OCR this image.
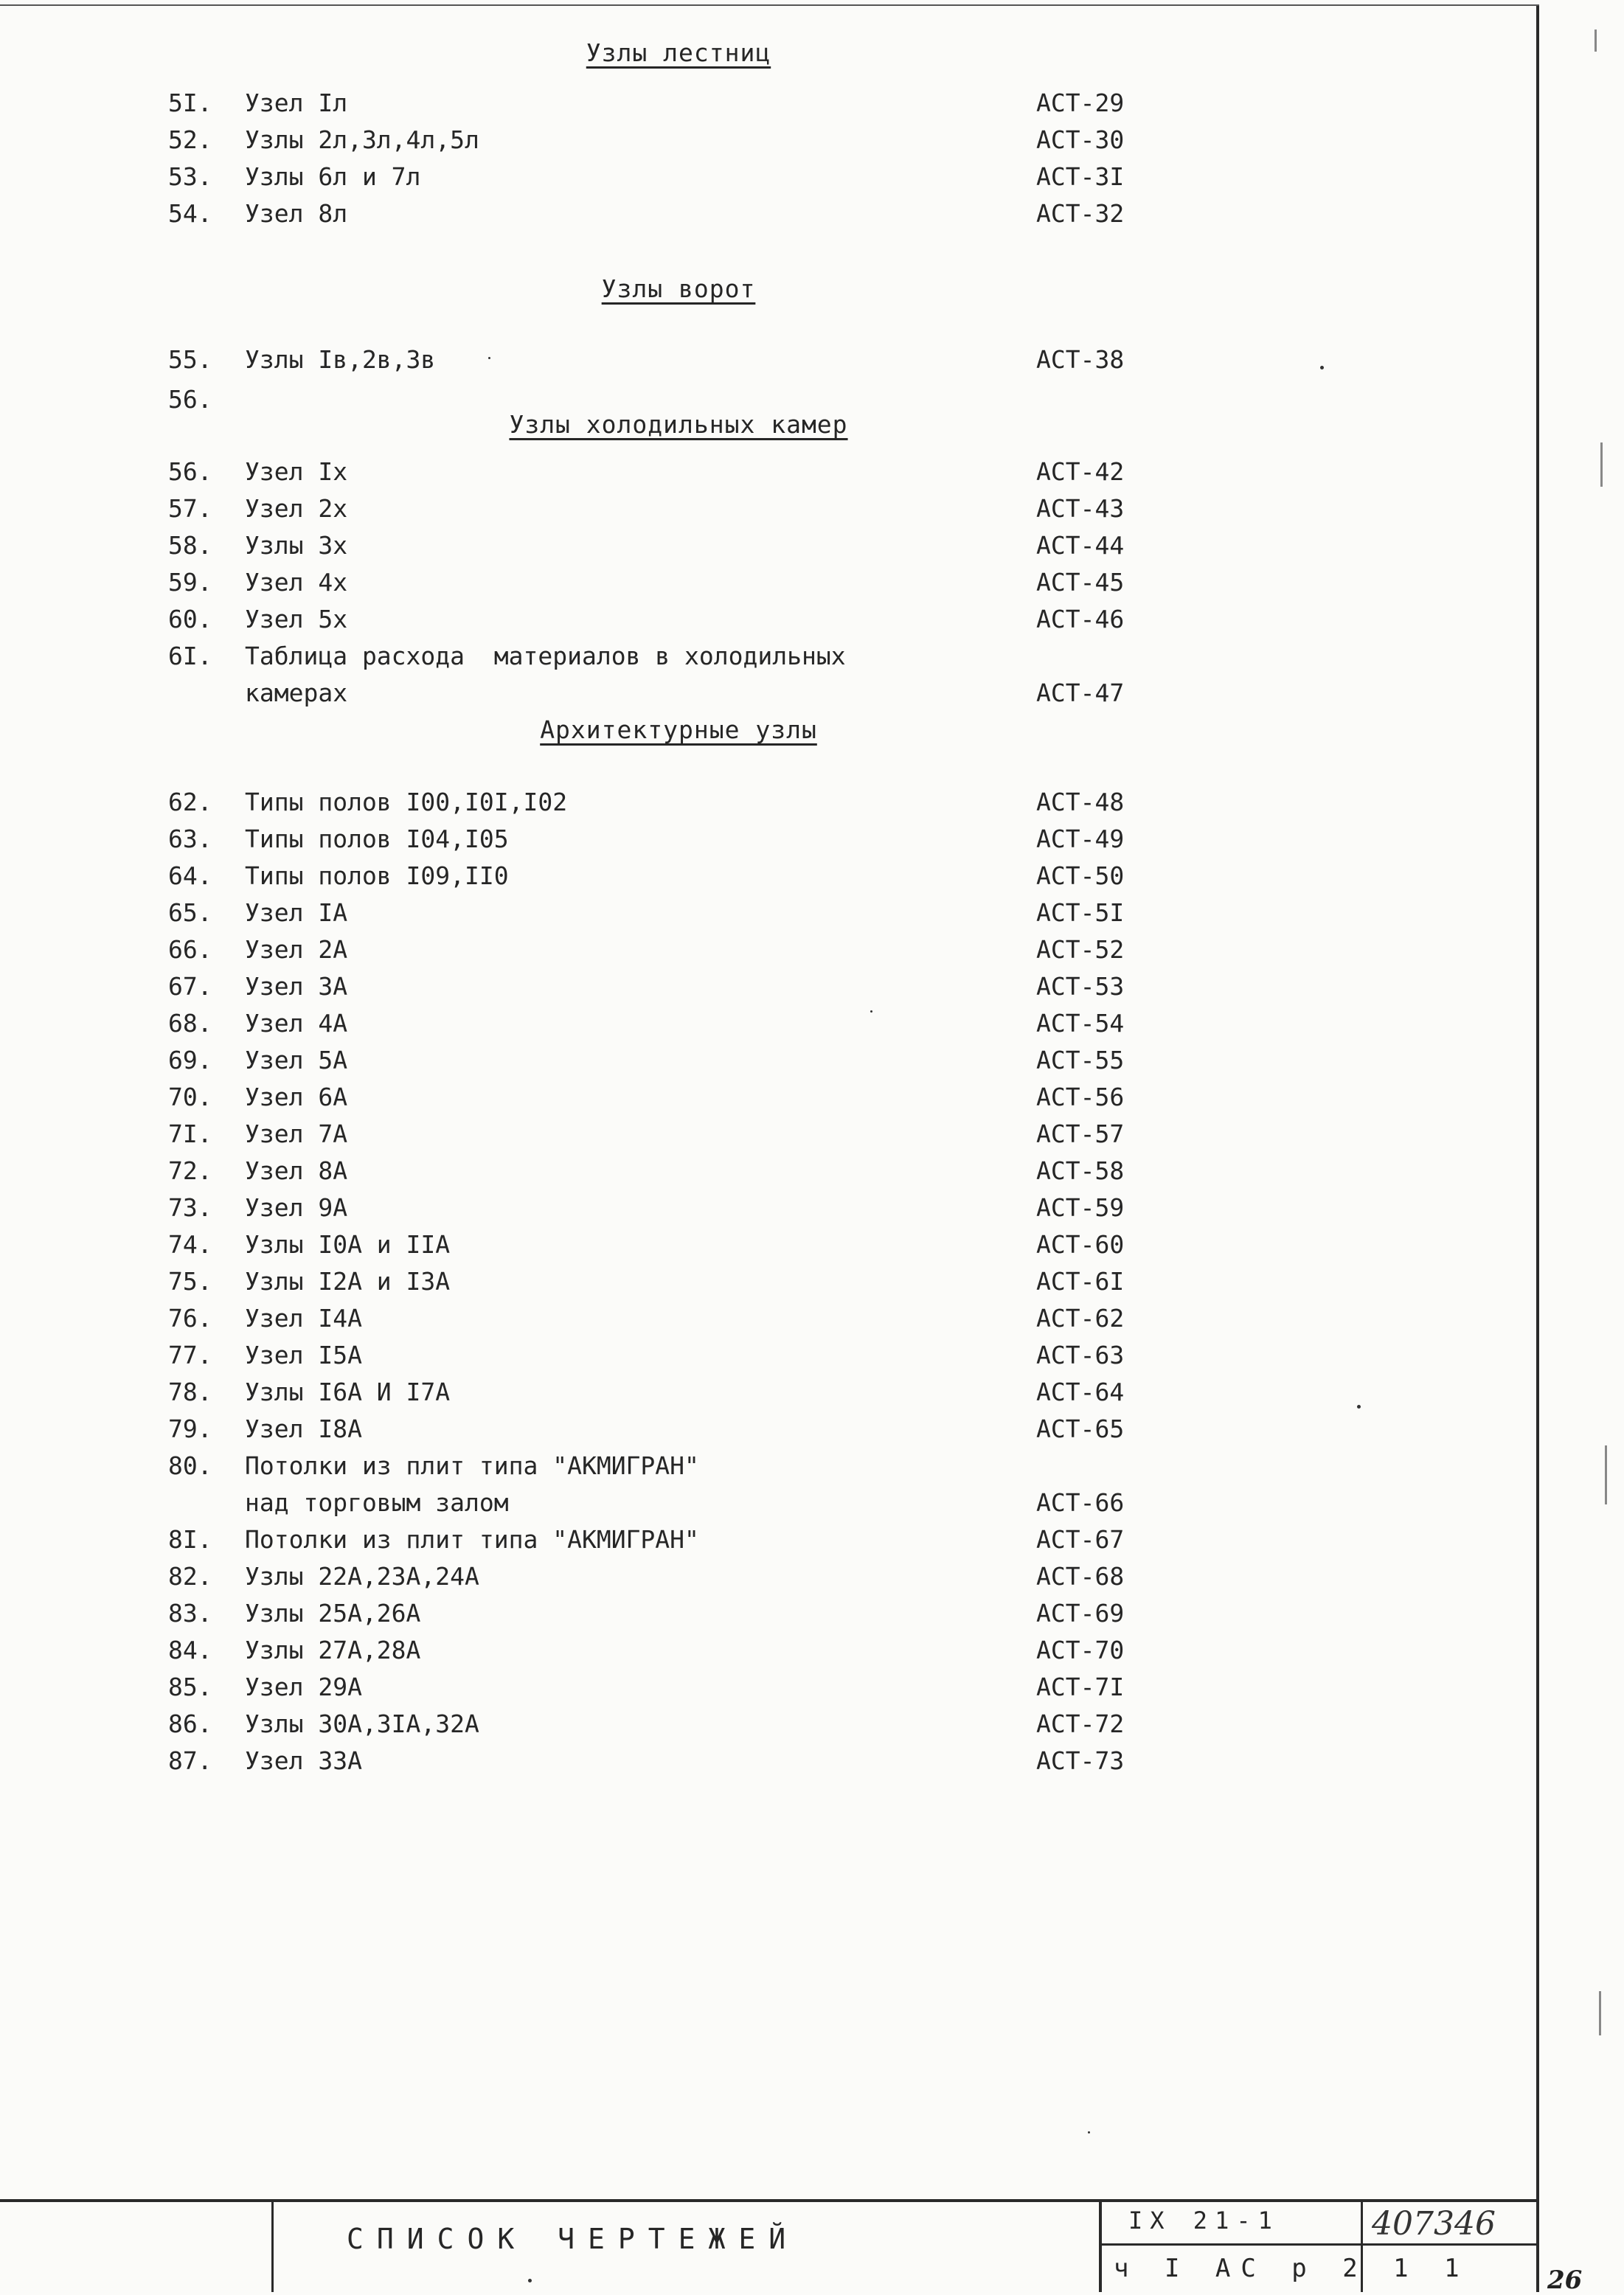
Узлы лестниц
5I. Узел Iл	АСТ-29
52. Узлы 2л,3л,4л,5л	АСТ-30
53. Узлы 6л и 7л	АСТ-3I
54. Узел 8л	АСТ-32
Узлы ворот
55. Узлы Iв,2в,3в	АСТ-38
56.
Узлы холодильных камер
56. Узел Iх	АСТ-42
57. Узел 2х	АСТ-43
58. Узлы 3х	АСТ-44
59. Узел 4х	АСТ-45
60. Узел 5х	АСТ-46
6I. Таблица расхода  материалов в холодильных
камерах	АСТ-47
Архитектурные узлы
62. Типы полов I00,I0I,I02	АСТ-48
63. Типы полов I04,I05	АСТ-49
64. Типы полов I09,II0	АСТ-50
65. Узел IА	АСТ-5I
66. Узел 2А	АСТ-52
67. Узел 3А	АСТ-53
68. Узел 4А	АСТ-54
69. Узел 5А	АСТ-55
70. Узел 6А	АСТ-56
7I. Узел 7А	АСТ-57
72. Узел 8А	АСТ-58
73. Узел 9А	АСТ-59
74. Узлы I0А и IIА	АСТ-60
75. Узлы I2А и I3А	АСТ-6I
76. Узел I4А	АСТ-62
77. Узел I5А	АСТ-63
78. Узлы I6А И I7А	АСТ-64
79. Узел I8А	АСТ-65
80. Потолки из плит типа "АКМИГРАН"
над торговым залом	АСТ-66
8I. Потолки из плит типа "АКМИГРАН"	АСТ-67
82. Узлы 22А,23А,24А	АСТ-68
83. Узлы 25А,26А	АСТ-69
84. Узлы 27А,28А	АСТ-70
85. Узел 29А	АСТ-7I
86. Узлы 30А,3IА,32А	АСТ-72
87. Узел 33А	АСТ-73
СПИСОК ЧЕРТЕЖЕЙ
IX 21-1
ч I АС р 2 1 1
407346
26
